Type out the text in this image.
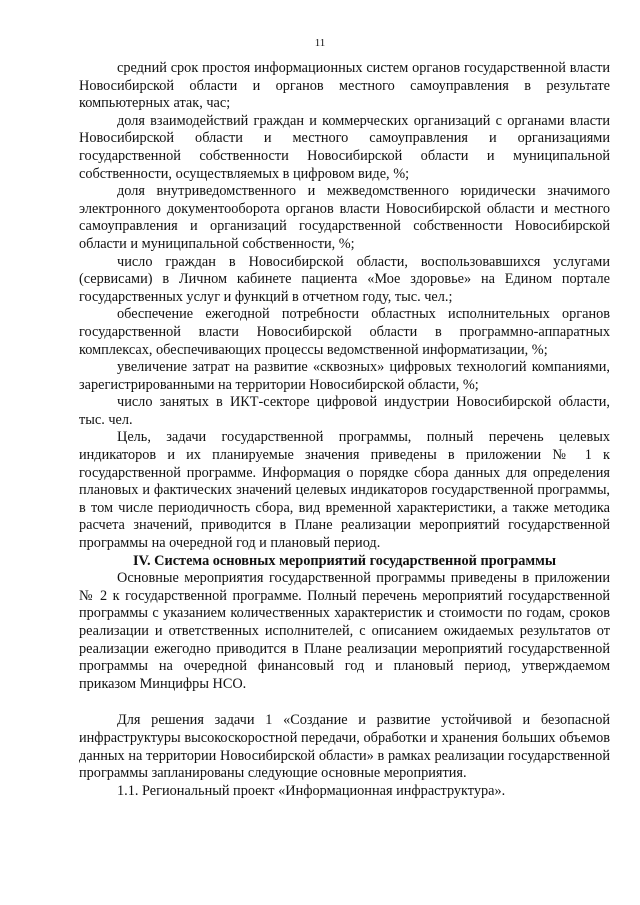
11

средний срок простоя информационных систем органов государственной власти Новосибирской области и органов местного самоуправления в результате компьютерных атак, час;

доля взаимодействий граждан и коммерческих организаций с органами власти Новосибирской области и местного самоуправления и организациями государственной собственности Новосибирской области и муниципальной собственности, осуществляемых в цифровом виде, %;

доля внутриведомственного и межведомственного юридически значимого электронного документооборота органов власти Новосибирской области и местного самоуправления и организаций государственной собственности Новосибирской области и муниципальной собственности, %;

число граждан в Новосибирской области, воспользовавшихся услугами (сервисами) в Личном кабинете пациента «Мое здоровье» на Едином портале государственных услуг и функций в отчетном году, тыс. чел.;

обеспечение ежегодной потребности областных исполнительных органов государственной власти Новосибирской области в программно-аппаратных комплексах, обеспечивающих процессы ведомственной информатизации, %;

увеличение затрат на развитие «сквозных» цифровых технологий компаниями, зарегистрированными на территории Новосибирской области, %;

число занятых в ИКТ-секторе цифровой индустрии Новосибирской области, тыс. чел.

Цель, задачи государственной программы, полный перечень целевых индикаторов и их планируемые значения приведены в приложении № 1 к государственной программе. Информация о порядке сбора данных для определения плановых и фактических значений целевых индикаторов государственной программы, в том числе периодичность сбора, вид временной характеристики, а также методика расчета значений, приводится в Плане реализации мероприятий государственной программы на очередной год и плановый период.

IV. Система основных мероприятий государственной программы

Основные мероприятия государственной программы приведены в приложении № 2 к государственной программе. Полный перечень мероприятий государственной программы с указанием количественных характеристик и стоимости по годам, сроков реализации и ответственных исполнителей, с описанием ожидаемых результатов от реализации ежегодно приводится в Плане реализации мероприятий государственной программы на очередной финансовый год и плановый период, утверждаемом приказом Минцифры НСО.

Для решения задачи 1 «Создание и развитие устойчивой и безопасной инфраструктуры высокоскоростной передачи, обработки и хранения больших объемов данных на территории Новосибирской области» в рамках реализации государственной программы запланированы следующие основные мероприятия.

1.1. Региональный проект «Информационная инфраструктура».
